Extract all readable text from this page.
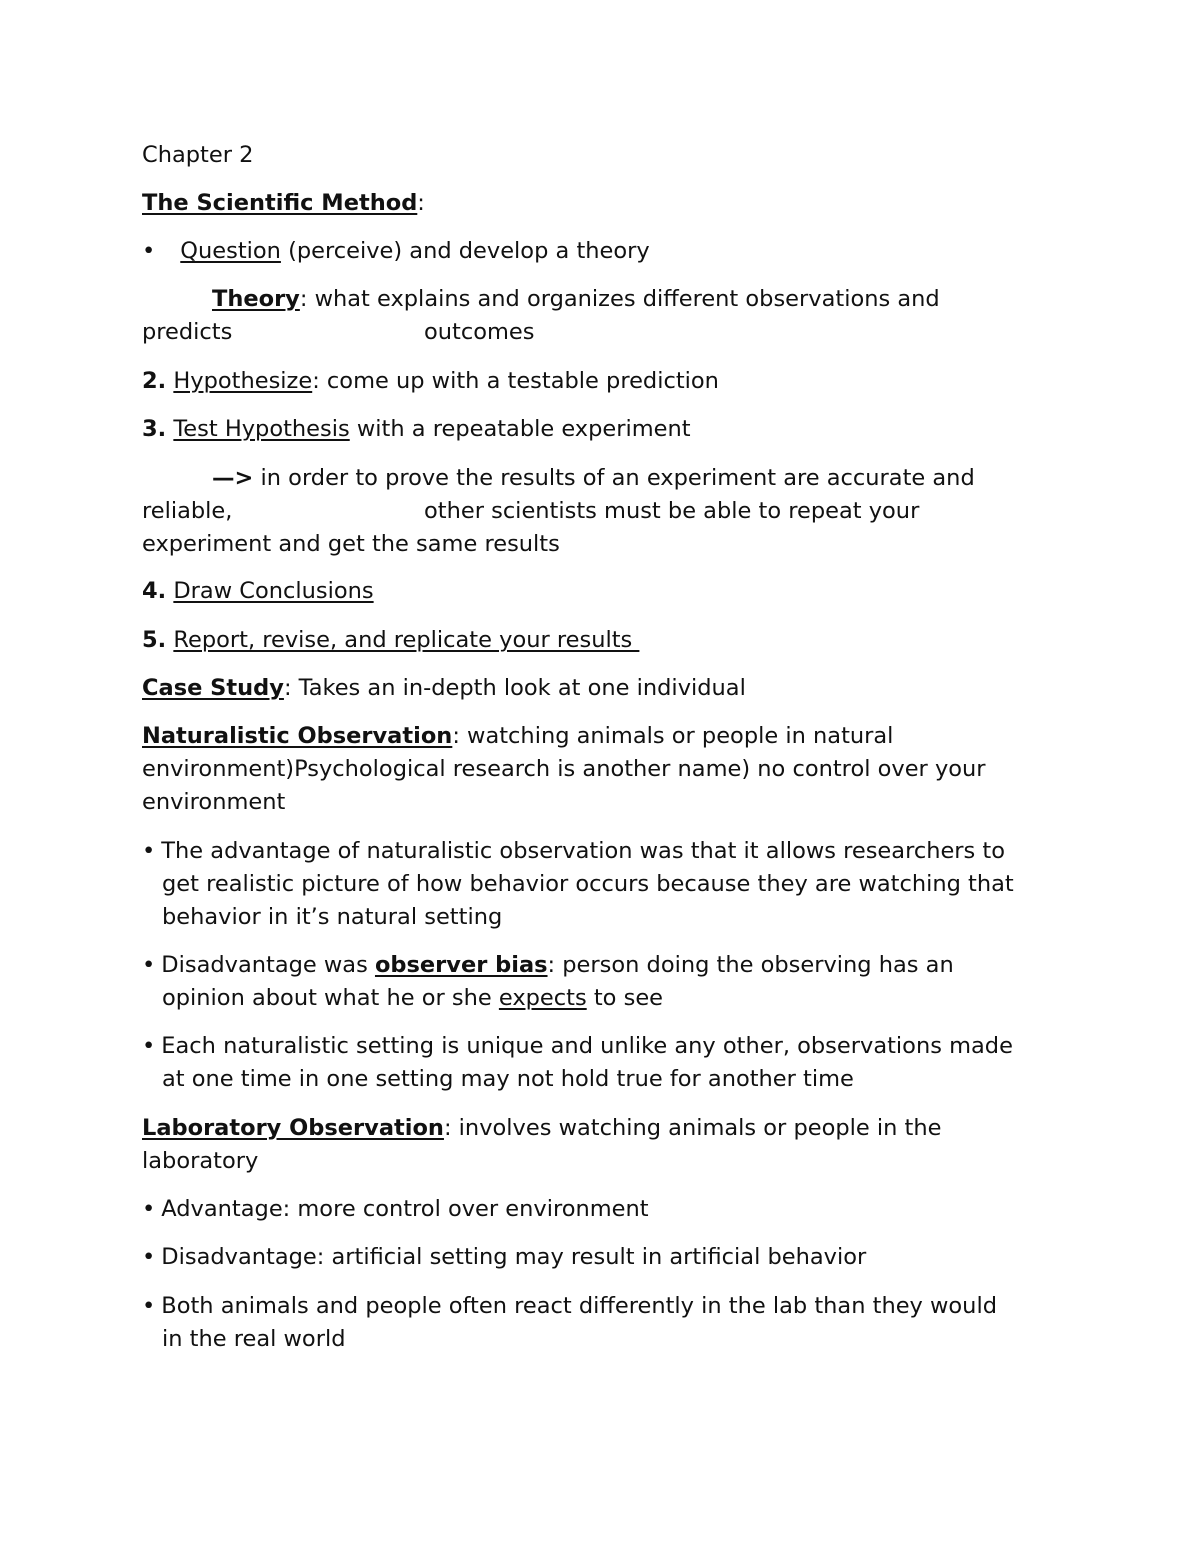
Chapter 2
The Scientific Method:
• Question (perceive) and develop a theory
Theory: what explains and organizes different observations and
predicts	outcomes
2. Hypothesize: come up with a testable prediction
3. Test Hypothesis with a repeatable experiment
—> in order to prove the results of an experiment are accurate and
reliable,	other scientists must be able to repeat your
experiment and get the same results
4. Draw Conclusions
5. Report, revise, and replicate your results
Case Study: Takes an in-depth look at one individual
Naturalistic Observation: watching animals or people in natural
environment)Psychological research is another name) no control over your
environment
• The advantage of naturalistic observation was that it allows researchers to
get realistic picture of how behavior occurs because they are watching that
behavior in it’s natural setting
• Disadvantage was observer bias: person doing the observing has an
opinion about what he or she expects to see
• Each naturalistic setting is unique and unlike any other, observations made
at one time in one setting may not hold true for another time
Laboratory Observation: involves watching animals or people in the
laboratory
• Advantage: more control over environment
• Disadvantage: artificial setting may result in artificial behavior
• Both animals and people often react differently in the lab than they would
in the real world
